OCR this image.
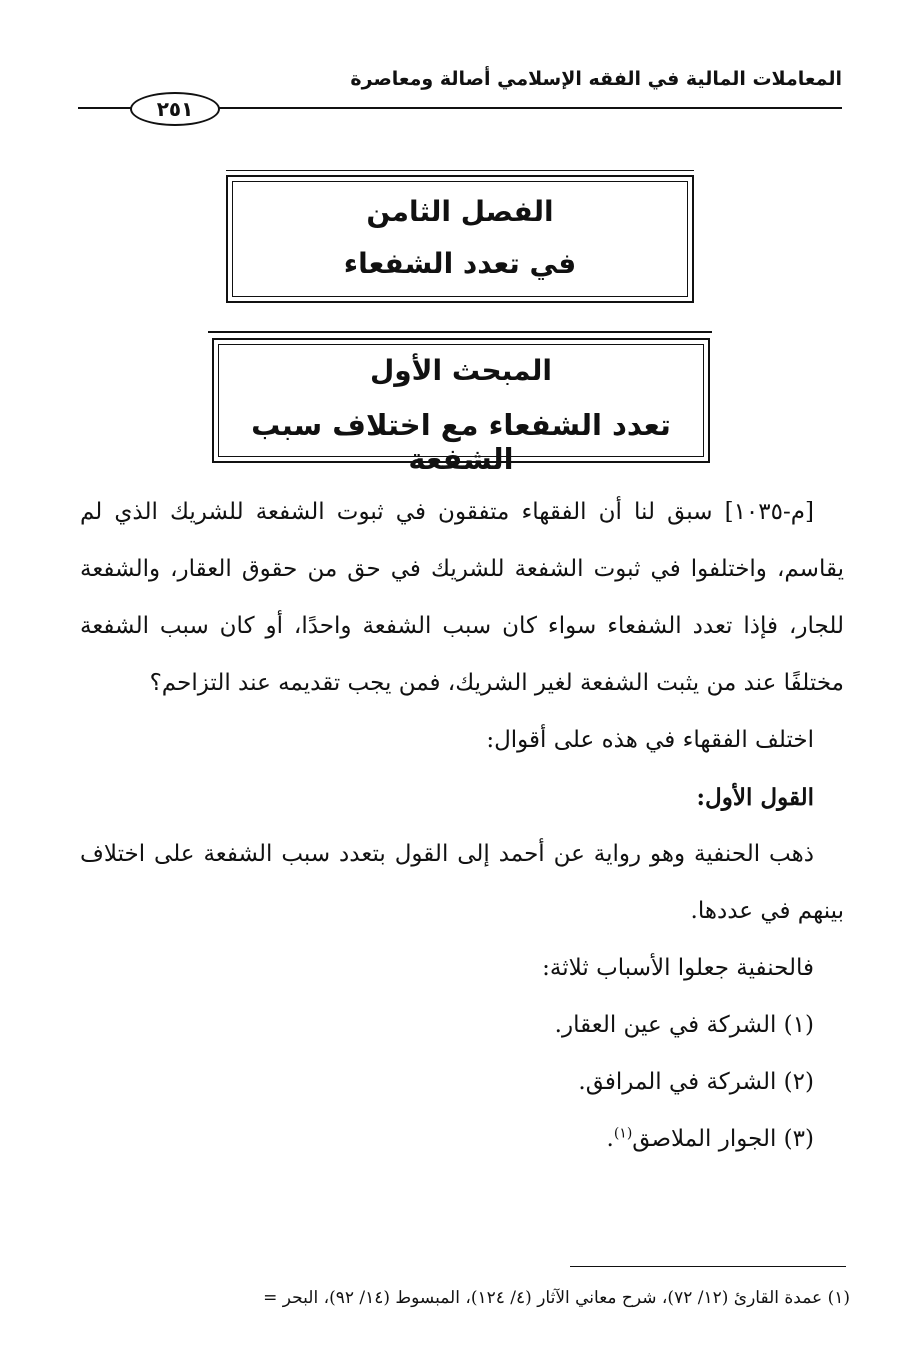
المعاملات المالية في الفقه الإسلامي أصالة ومعاصرة
٢٥١
الفصل الثامن
في تعدد الشفعاء
المبحث الأول
تعدد الشفعاء مع اختلاف سبب الشفعة

[م-١٠٣٥] سبق لنا أن الفقهاء متفقون في ثبوت الشفعة للشريك الذي لم يقاسم، واختلفوا في ثبوت الشفعة للشريك في حق من حقوق العقار، والشفعة للجار، فإذا تعدد الشفعاء سواء كان سبب الشفعة واحدًا، أو كان سبب الشفعة مختلفًا عند من يثبت الشفعة لغير الشريك، فمن يجب تقديمه عند التزاحم؟

اختلف الفقهاء في هذه على أقوال:

القول الأول:

ذهب الحنفية وهو رواية عن أحمد إلى القول بتعدد سبب الشفعة على اختلاف بينهم في عددها.

فالحنفية جعلوا الأسباب ثلاثة:

(١) الشركة في عين العقار.

(٢) الشركة في المرافق.

(٣) الجوار الملاصق$^{(١)}$.

(١) عمدة القارئ (١٢/ ٧٢)، شرح معاني الآثار (٤/ ١٢٤)، المبسوط (١٤/ ٩٢)، البحر =
